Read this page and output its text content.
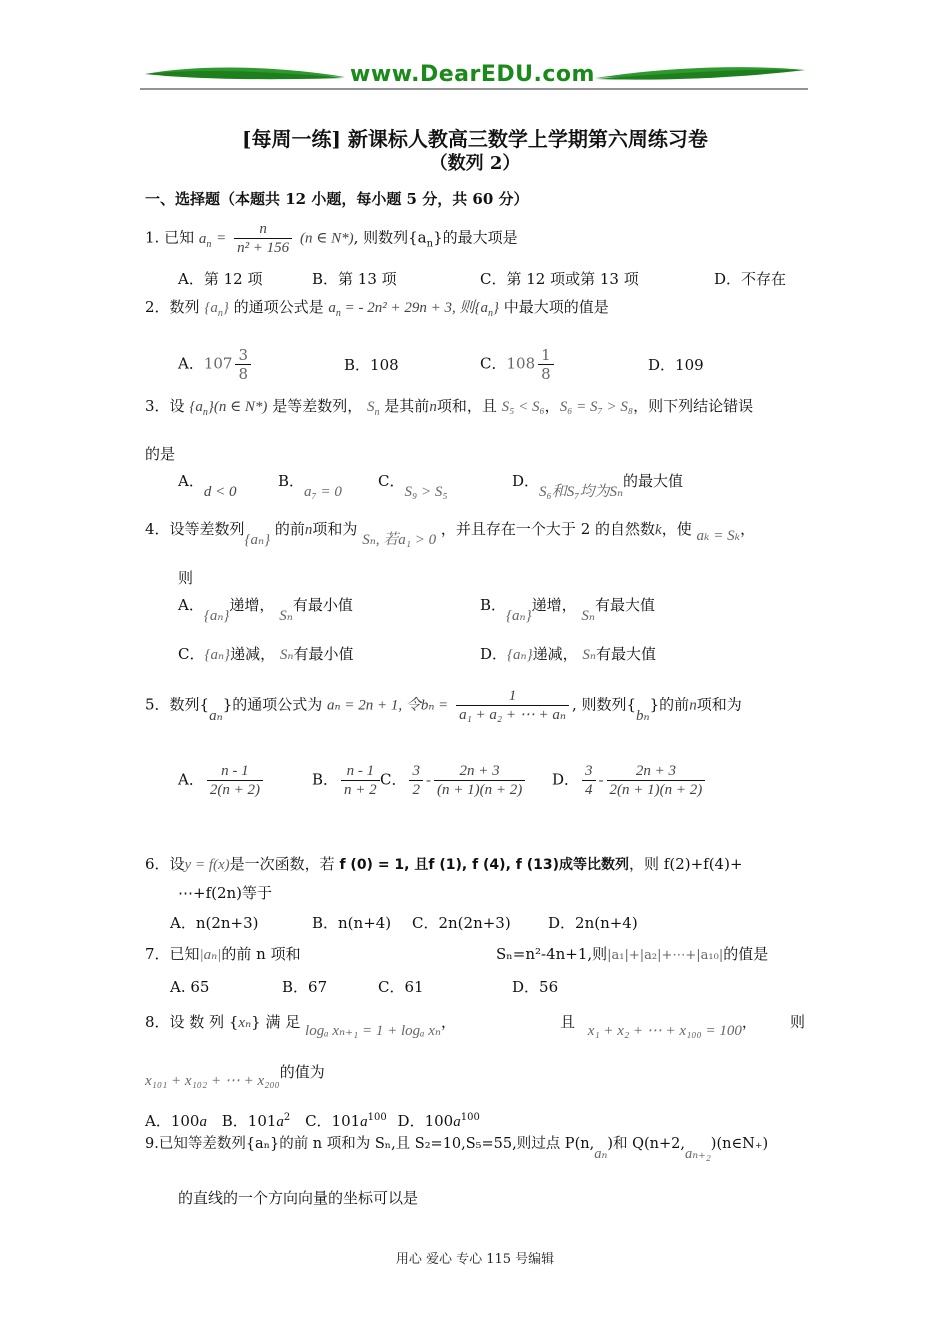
www.DearEDU.com
[每周一练] 新课标人教高三数学上学期第六周练习卷
（数列 2）
一、选择题（本题共 12 小题，每小题 5 分，共 60 分）
1. 已知 $a_n = \frac{n}{\text{n² + 156}} (n$ ∈ N*), 则数列$\{a_n\}$的最大项是
A．第 12 项	B．第 13 项	C．第 12 项或第 13 项	D．不存在
2．数列 $\{a_n\}$ 的通项公式是 $a_n$ = - 2n² + 29n + 3, 则$\{a_n\}$ 中最大项的值是
A．$107 \frac{3}{8}$	B．108	C．$108 \frac{1}{8}$	D．109
3．设 $\{a_n\}(n$ ∈ N*) 是等差数列， $S_n$ 是其前n项和，且 S₅ < S₆，S₆ = S₇ > S₈，则下列结论错误
的是
A．d < 0
B．a₇ = 0
C．S₉ > S₅
D．S₆和S₇均为Sₙ的最大值
4．设等差数列{aₙ} 的前n项和为 Sₙ, 若a₁ > 0 ，并且存在一个大于 2 的自然数k，使 aₖ = Sₖ，
则
A．{aₙ}递增， Sₙ有最小值	B．{aₙ}递增， Sₙ有最大值
C．{aₙ}递减， Sₙ有最小值	D．{aₙ}递减， Sₙ有最大值
5．数列{aₙ}的通项公式为 aₙ = 2n + 1, 令$b_n = \frac{1}{\text{a₁ + a₂ + ⋯ + aₙ}}$ , 则数列{bₙ}的前n项和为
A． $\frac{n - 1}{2(n + 2)}$	B． $\frac{n - 1}{n + 2}$ C． $\frac{3}{2} - \frac{2n + 3}{(n + 1)(n + 2)}$ D． $\frac{3}{4} - \frac{2n + 3}{2(n + 1)(n + 2)}$
6．设y = f(x)是一次函数，若 f (0) = 1, 且f (1), f (4), f (13)成等比数列，则 f(2)+f(4)+
⋯+f(2n)等于
A．n(2n+3)	B．n(n+4) C．2n(2n+3) D．2n(n+4)
7．已知|aₙ|的前 n 项和	Sₙ=n²-4n+1,则|a₁|+|a₂|+⋯+|a₁₀|的值是
A. 65	B．67	C．61	D．56
8．设 数 列 {xₙ} 满 足 logₐ xₙ₊₁ = 1 + logₐ xₙ，	且 x₁ + x₂ + ⋯ + x₁₀₀ = 100， 则
x₁₀₁ + x₁₀₂ + ⋯ + x₂₀₀的值为
A．100a B．$101a^2$ C．$101a^{100}$ D．$100a^{100}$
9.已知等差数列{aₙ}的前 n 项和为 Sₙ,且 S₂=10,S₅=55,则过点 P(n,aₙ)和 Q(n+2,aₙ₊₂)(n∈N₊)
的直线的一个方向向量的坐标可以是
用心 爱心 专心 115 号编辑
